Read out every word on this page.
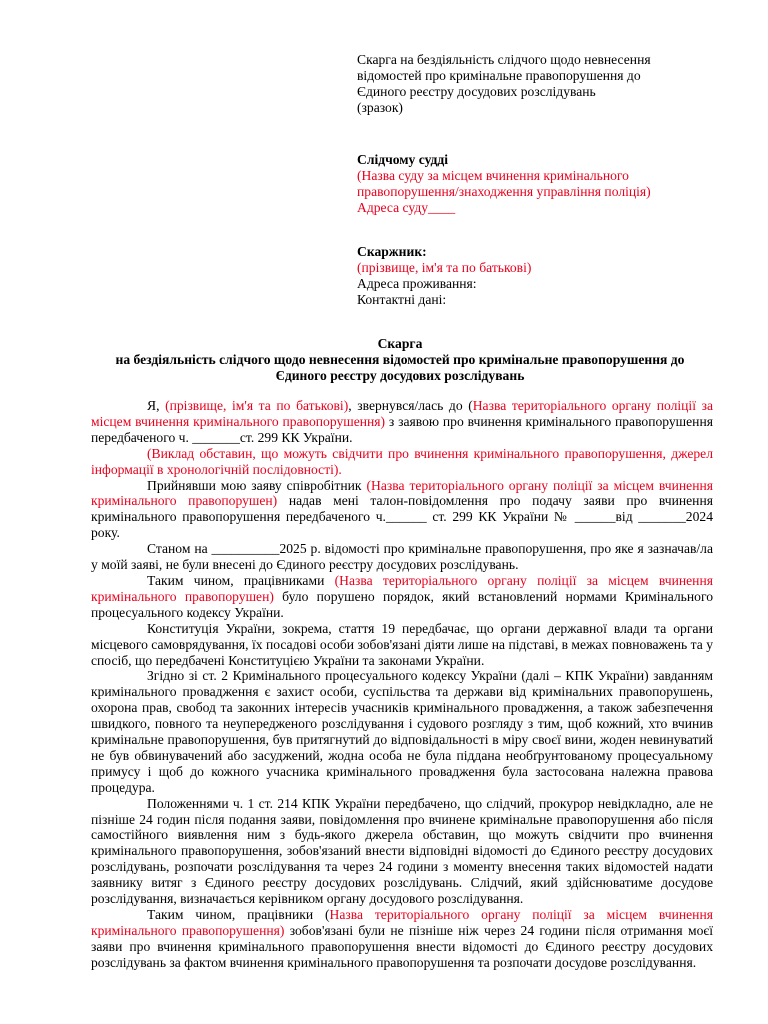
Скарга на бездіяльність слідчого щодо невнесення
відомостей про кримінальне правопорушення до
Єдиного реєстру досудових розслідувань
(зразок)
Слідчому судді
(Назва суду за місцем вчинення кримінального
правопорушення/знаходження управління поліція)
Адреса суду____
Скаржник:
(прізвище, ім'я та по батькові)
Адреса проживання:
Контактні дані:
Скарга
на бездіяльність слідчого щодо невнесення відомостей про кримінальне правопорушення до
Єдиного реєстру досудових розслідувань

Я, (прізвище, ім'я та по батькові), звернувся/лась до (Назва територіального органу поліції за місцем вчинення кримінального правопорушення) з заявою про вчинення кримінального правопорушення передбаченого ч. _______ст. 299 КК України.

(Виклад обставин, що можуть свідчити про вчинення кримінального правопорушення, джерел інформації в хронологічній послідовності).

Прийнявши мою заяву співробітник (Назва територіального органу поліції за місцем вчинення кримінального правопорушен) надав мені талон-повідомлення про подачу заяви про вчинення кримінального правопорушення передбаченого ч.______ ст. 299 КК України № ______від _______2024 року.

Станом на __________2025 р. відомості про кримінальне правопорушення, про яке я зазначав/ла у моїй заяві, не були внесені до Єдиного реєстру досудових розслідувань.

Таким чином, працівниками (Назва територіального органу поліції за місцем вчинення кримінального правопорушен) було порушено порядок, який встановлений нормами Кримінального процесуального кодексу України.

Конституція України, зокрема, стаття 19 передбачає, що органи державної влади та органи місцевого самоврядування, їх посадові особи зобов'язані діяти лише на підставі, в межах повноважень та у спосіб, що передбачені Конституцією України та законами України.

Згідно зі ст. 2 Кримінального процесуального кодексу України (далі – КПК України) завданням кримінального провадження є захист особи, суспільства та держави від кримінальних правопорушень, охорона прав, свобод та законних інтересів учасників кримінального провадження, а також забезпечення швидкого, повного та неупередженого розслідування і судового розгляду з тим, щоб кожний, хто вчинив кримінальне правопорушення, був притягнутий до відповідальності в міру своєї вини, жоден невинуватий не був обвинувачений або засуджений, жодна особа не була піддана необґрунтованому процесуальному примусу і щоб до кожного учасника кримінального провадження була застосована належна правова процедура.

Положеннями ч. 1 ст. 214 КПК України передбачено, що слідчий, прокурор невідкладно, але не пізніше 24 годин після подання заяви, повідомлення про вчинене кримінальне правопорушення або після самостійного виявлення ним з будь-якого джерела обставин, що можуть свідчити про вчинення кримінального правопорушення, зобов'язаний внести відповідні відомості до Єдиного реєстру досудових розслідувань, розпочати розслідування та через 24 години з моменту внесення таких відомостей надати заявнику витяг з Єдиного реєстру досудових розслідувань. Слідчий, який здійснюватиме досудове розслідування, визначається керівником органу досудового розслідування.

Таким чином, працівники (Назва територіального органу поліції за місцем вчинення кримінального правопорушення) зобов'язані були не пізніше ніж через 24 години після отримання моєї заяви про вчинення кримінального правопорушення внести відомості до Єдиного реєстру досудових розслідувань за фактом вчинення кримінального правопорушення та розпочати досудове розслідування.
